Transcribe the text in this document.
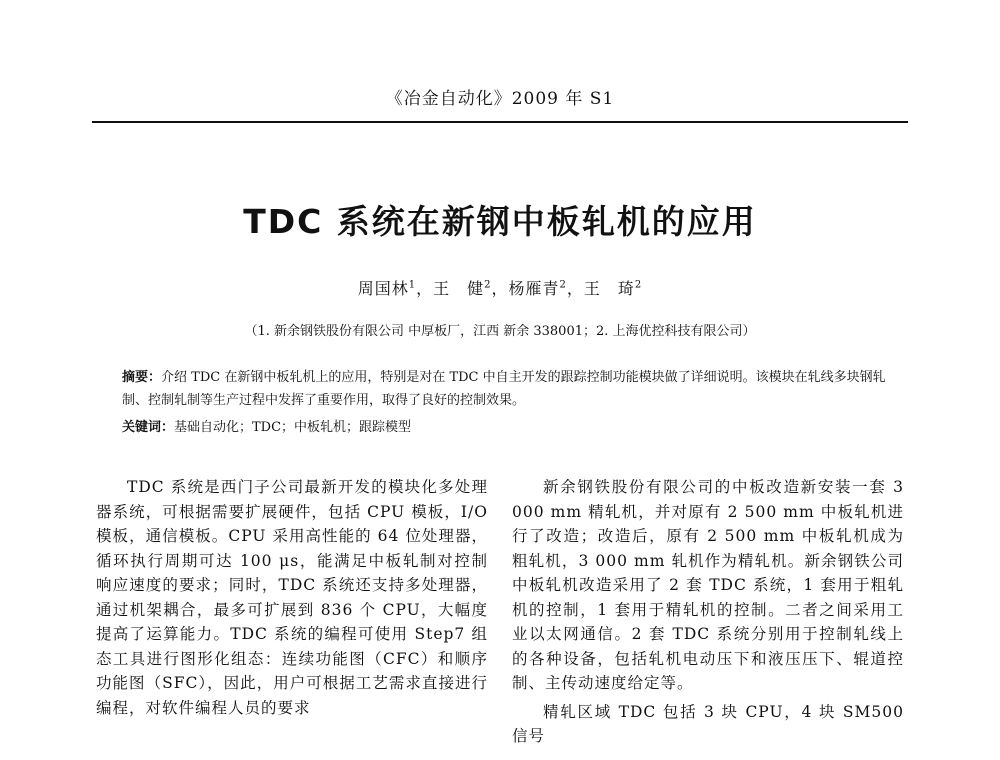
《冶金自动化》2009 年 S1
TDC 系统在新钢中板轧机的应用
周国林$^1$，王　健$^2$，杨雁青$^2$，王　琦$^2$
（1. 新余钢铁股份有限公司 中厚板厂，江西 新余 338001；2. 上海优控科技有限公司）

摘要：介绍 TDC 在新钢中板轧机上的应用，特别是对在 TDC 中自主开发的跟踪控制功能模块做了详细说明。该模块在轧线多块钢轧制、控制轧制等生产过程中发挥了重要作用，取得了良好的控制效果。

关键词：基础自动化；TDC；中板轧机；跟踪模型

TDC 系统是西门子公司最新开发的模块化多处理器系统，可根据需要扩展硬件，包括 CPU 模板，I/O 模板，通信模板。CPU 采用高性能的 64 位处理器，循环执行周期可达 100 μs，能满足中板轧制对控制响应速度的要求；同时，TDC 系统还支持多处理器，通过机架耦合，最多可扩展到 836 个 CPU，大幅度提高了运算能力。TDC 系统的编程可使用 Step7 组态工具进行图形化组态：连续功能图（CFC）和顺序功能图（SFC），因此，用户可根据工艺需求直接进行编程，对软件编程人员的要求

新余钢铁股份有限公司的中板改造新安装一套 3 000 mm 精轧机，并对原有 2 500 mm 中板轧机进行了改造；改造后，原有 2 500 mm 中板轧机成为粗轧机，3 000 mm 轧机作为精轧机。新余钢铁公司中板轧机改造采用了 2 套 TDC 系统，1 套用于粗轧机的控制，1 套用于精轧机的控制。二者之间采用工业以太网通信。2 套 TDC 系统分别用于控制轧线上的各种设备，包括轧机电动压下和液压压下、辊道控制、主传动速度给定等。

精轧区域 TDC 包括 3 块 CPU，4 块 SM500 信号
